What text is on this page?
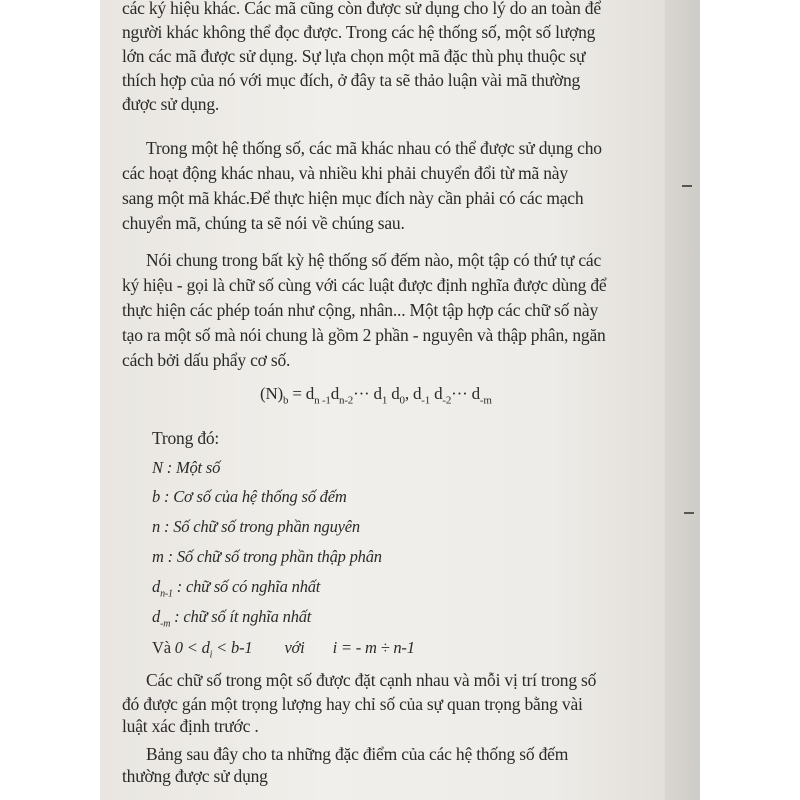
các ký hiệu khác. Các mã cũng còn được sử dụng cho lý do an toàn để
người khác không thể đọc được. Trong các hệ thống số, một số lượng
lớn các mã được sử dụng. Sự lựa chọn một mã đặc thù phụ thuộc sự
thích hợp của nó với mục đích, ở đây ta sẽ thảo luận vài mã thường
được sử dụng.
Trong một hệ thống số, các mã khác nhau có thể được sử dụng cho
các hoạt động khác nhau, và nhiều khi phải chuyển đổi từ mã này
sang một mã khác.Để thực hiện mục đích này cần phải có các mạch
chuyển mã, chúng ta sẽ nói về chúng sau.
Nói chung trong bất kỳ hệ thống số đếm nào, một tập có thứ tự các
ký hiệu - gọi là chữ số cùng với các luật được định nghĩa được dùng để
thực hiện các phép toán như cộng, nhân... Một tập hợp các chữ số này
tạo ra một số mà nói chung là gồm 2 phần - nguyên và thập phân, ngăn
cách bởi dấu phẩy cơ số.
$(N)_b = d_{n -1}d_{n-2}\cdot\cdot\cdot d_1$ $d_0$, $d_{-1}$ $d_{-2}\cdot\cdot\cdot d_{-m}$
Trong đó:
N : Một số
b : Cơ số của hệ thống số đếm
n : Số chữ số trong phần nguyên
m : Số chữ số trong phần thập phân
$d_{n-1}$ : chữ số có nghĩa nhất
$d_{-m}$ : chữ số ít nghĩa nhất
Và $0 < d_i < b-1$ với i = - m ÷ n-1
Các chữ số trong một số được đặt cạnh nhau và mỗi vị trí trong số
đó được gán một trọng lượng hay chỉ số của sự quan trọng bằng vài
luật xác định trước .
Bảng sau đây cho ta những đặc điểm của các hệ thống số đếm
thường được sử dụng
